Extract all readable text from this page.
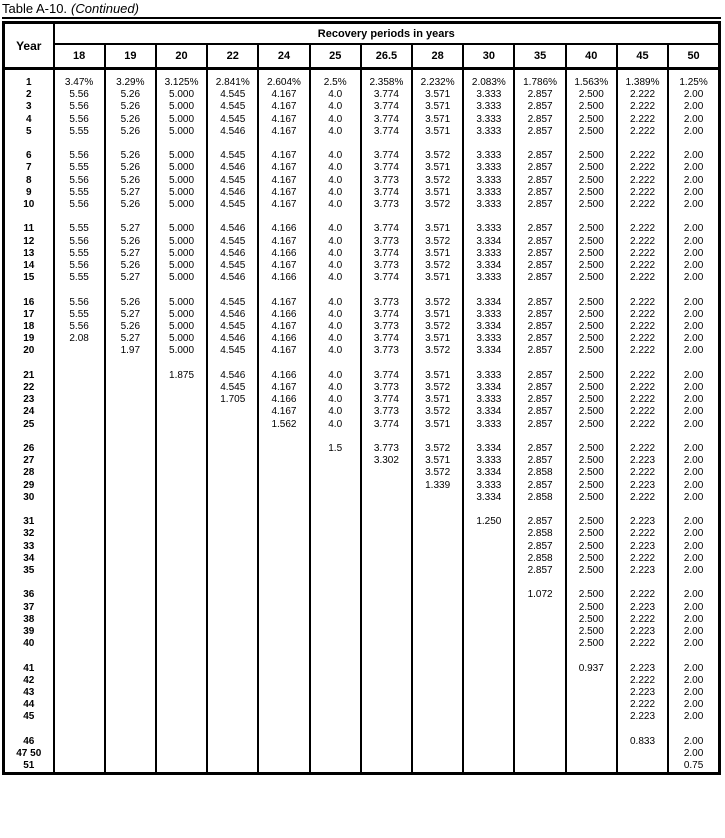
Table A-10. (Continued)
Year	Recovery periods in years												
	18	19	20	22	24	25	26.5	28	30	35	40	45	50

1	3.47%	3.29%	3.125%	2.841%	2.604%	2.5%	2.358%	2.232%	2.083%	1.786%	1.563%	1.389%	1.25%
2	5.56	5.26	5.000	4.545	4.167	4.0	3.774	3.571	3.333	2.857	2.500	2.222	2.00
3	5.56	5.26	5.000	4.545	4.167	4.0	3.774	3.571	3.333	2.857	2.500	2.222	2.00
4	5.56	5.26	5.000	4.545	4.167	4.0	3.774	3.571	3.333	2.857	2.500	2.222	2.00
5	5.55	5.26	5.000	4.546	4.167	4.0	3.774	3.571	3.333	2.857	2.500	2.222	2.00

6	5.56	5.26	5.000	4.545	4.167	4.0	3.774	3.572	3.333	2.857	2.500	2.222	2.00
7	5.55	5.26	5.000	4.546	4.167	4.0	3.774	3.571	3.333	2.857	2.500	2.222	2.00
8	5.56	5.26	5.000	4.545	4.167	4.0	3.773	3.572	3.333	2.857	2.500	2.222	2.00
9	5.55	5.27	5.000	4.546	4.167	4.0	3.774	3.571	3.333	2.857	2.500	2.222	2.00
10	5.56	5.26	5.000	4.545	4.167	4.0	3.773	3.572	3.333	2.857	2.500	2.222	2.00

11	5.55	5.27	5.000	4.546	4.166	4.0	3.774	3.571	3.333	2.857	2.500	2.222	2.00
12	5.56	5.26	5.000	4.545	4.167	4.0	3.773	3.572	3.334	2.857	2.500	2.222	2.00
13	5.55	5.27	5.000	4.546	4.166	4.0	3.774	3.571	3.333	2.857	2.500	2.222	2.00
14	5.56	5.26	5.000	4.545	4.167	4.0	3.773	3.572	3.334	2.857	2.500	2.222	2.00
15	5.55	5.27	5.000	4.546	4.166	4.0	3.774	3.571	3.333	2.857	2.500	2.222	2.00

16	5.56	5.26	5.000	4.545	4.167	4.0	3.773	3.572	3.334	2.857	2.500	2.222	2.00
17	5.55	5.27	5.000	4.546	4.166	4.0	3.774	3.571	3.333	2.857	2.500	2.222	2.00
18	5.56	5.26	5.000	4.545	4.167	4.0	3.773	3.572	3.334	2.857	2.500	2.222	2.00
19	2.08	5.27	5.000	4.546	4.166	4.0	3.774	3.571	3.333	2.857	2.500	2.222	2.00
20		1.97	5.000	4.545	4.167	4.0	3.773	3.572	3.334	2.857	2.500	2.222	2.00

21			1.875	4.546	4.166	4.0	3.774	3.571	3.333	2.857	2.500	2.222	2.00
22				4.545	4.167	4.0	3.773	3.572	3.334	2.857	2.500	2.222	2.00
23				1.705	4.166	4.0	3.774	3.571	3.333	2.857	2.500	2.222	2.00
24					4.167	4.0	3.773	3.572	3.334	2.857	2.500	2.222	2.00
25					1.562	4.0	3.774	3.571	3.333	2.857	2.500	2.222	2.00

26						1.5	3.773	3.572	3.334	2.857	2.500	2.222	2.00
27							3.302	3.571	3.333	2.857	2.500	2.223	2.00
28								3.572	3.334	2.858	2.500	2.222	2.00
29								1.339	3.333	2.857	2.500	2.223	2.00
30									3.334	2.858	2.500	2.222	2.00

31									1.250	2.857	2.500	2.223	2.00
32										2.858	2.500	2.222	2.00
33										2.857	2.500	2.223	2.00
34										2.858	2.500	2.222	2.00
35										2.857	2.500	2.223	2.00

36										1.072	2.500	2.222	2.00
37											2.500	2.223	2.00
38											2.500	2.222	2.00
39											2.500	2.223	2.00
40											2.500	2.222	2.00

41											0.937	2.223	2.00
42												2.222	2.00
43												2.223	2.00
44												2.222	2.00
45												2.223	2.00

46												0.833	2.00
47 50													2.00
51													0.75
